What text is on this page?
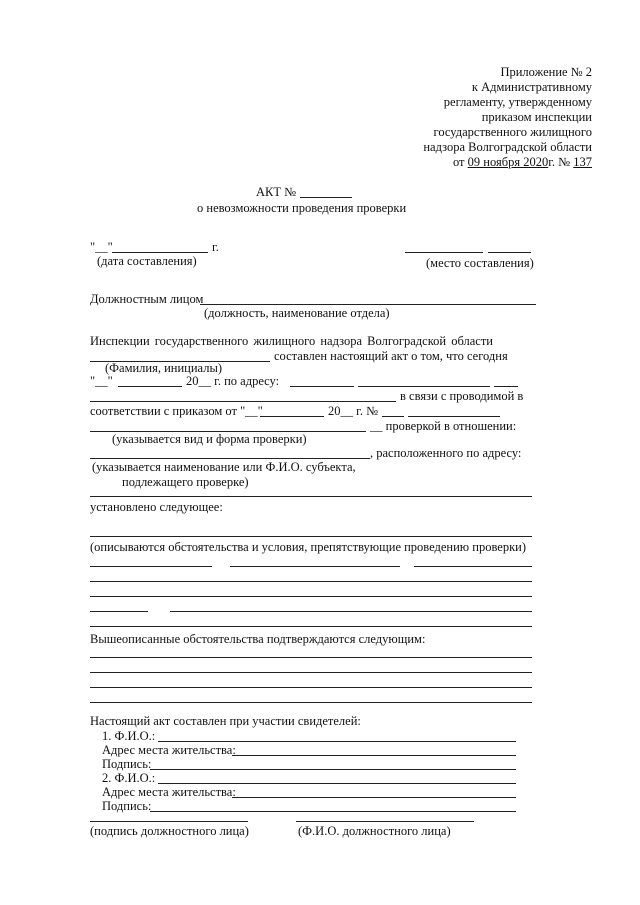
Приложение № 2
к Административному
регламенту, утвержденному
приказом инспекции
государственного жилищного
надзора Волгоградской области
от 09 ноября 2020г. № 137
АКТ №
о невозможности проведения проверки
"__"	г.
(дата составления)	(место составления)
Должностным лицом
(должность, наименование отдела)
Инспекции государственного жилищного надзора Волгоградской области
составлен настоящий акт о том, что сегодня
(Фамилия, инициалы)
"__"	20__ г. по адресу:
в связи с проводимой в
соответствии с приказом от "__"	20__ г. №
__ проверкой в отношении:
(указывается вид и форма проверки)
, расположенного по адресу:
(указывается наименование или Ф.И.О. субъекта,
подлежащего проверке)
установлено следующее:
(описываются обстоятельства и условия, препятствующие проведению проверки)
Вышеописанные обстоятельства подтверждаются следующим:
Настоящий акт составлен при участии свидетелей:
1. Ф.И.О.:
Адрес места жительства:
Подпись:
2. Ф.И.О.:
Адрес места жительства:
Подпись:
(подпись должностного лица)	(Ф.И.О. должностного лица)
